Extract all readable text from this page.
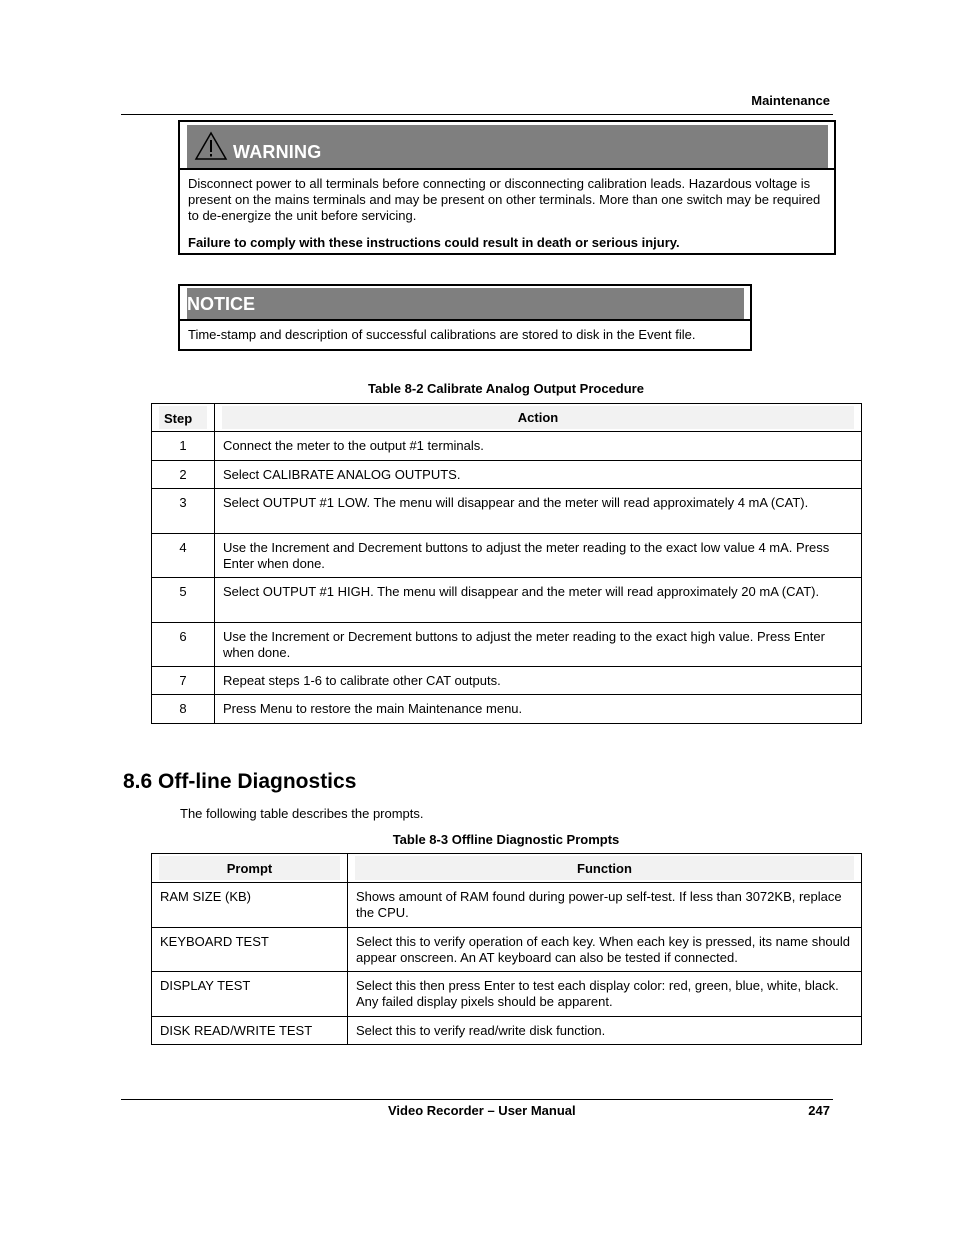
Maintenance
WARNING
Disconnect power to all terminals before connecting or disconnecting calibration leads. Hazardous voltage is present on the mains terminals and may be present on other terminals. More than one switch may be required to de-energize the unit before servicing.
Failure to comply with these instructions could result in death or serious injury.
NOTICE
Time-stamp and description of successful calibrations are stored to disk in the Event file.
Table 8-2 Calibrate Analog Output Procedure
Step	Action

1	Connect the meter to the output #1 terminals.

2	Select CALIBRATE ANALOG OUTPUTS.

3	Select OUTPUT #1 LOW. The menu will disappear and the meter will read approximately 4 mA (CAT).

4	Use the Increment and Decrement buttons to adjust the meter reading to the exact low value 4 mA. Press Enter when done.

5	Select OUTPUT #1 HIGH. The menu will disappear and the meter will read approximately 20 mA (CAT).

6	Use the Increment or Decrement buttons to adjust the meter reading to the exact high value. Press Enter when done.

7	Repeat steps 1-6 to calibrate other CAT outputs.

8	Press Menu to restore the main Maintenance menu.
8.6 Off-line Diagnostics
The following table describes the prompts.
Table 8-3 Offline Diagnostic Prompts
Prompt	Function

RAM SIZE (KB)	Shows amount of RAM found during power-up self-test. If less than 3072KB, replace the CPU.

KEYBOARD TEST	Select this to verify operation of each key. When each key is pressed, its name should appear onscreen. An AT keyboard can also be tested if connected.

DISPLAY TEST	Select this then press Enter to test each display color: red, green, blue, white, black. Any failed display pixels should be apparent.

DISK READ/WRITE TEST	Select this to verify read/write disk function.
Video Recorder – User Manual	247
